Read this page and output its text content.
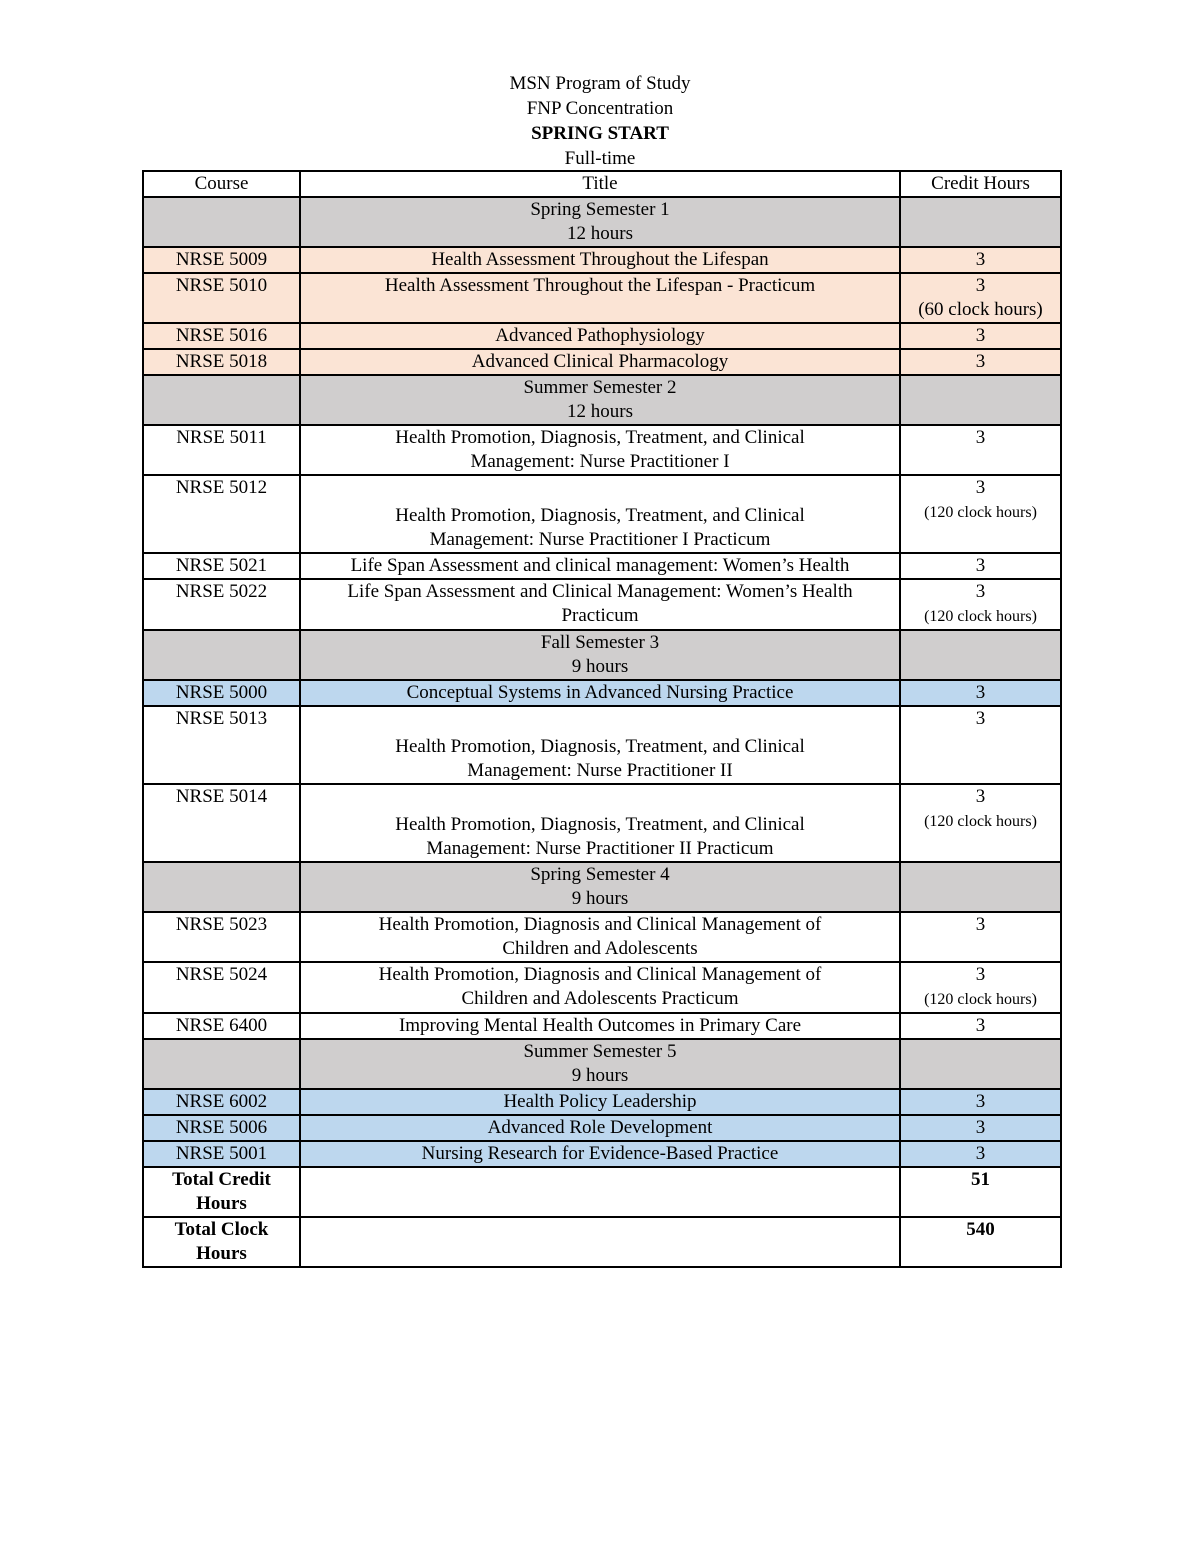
MSN Program of Study
FNP Concentration
SPRING START
Full-time
Course	Title	Credit Hours
	Spring Semester 1
12 hours	
NRSE 5009	Health Assessment Throughout the Lifespan	3
NRSE 5010	Health Assessment Throughout the Lifespan - Practicum	3
(60 clock hours)
NRSE 5016	Advanced Pathophysiology	3
NRSE 5018	Advanced Clinical Pharmacology	3
	Summer Semester 2
12 hours	
NRSE 5011	Health Promotion, Diagnosis, Treatment, and Clinical
Management: Nurse Practitioner I	3
NRSE 5012	Health Promotion, Diagnosis, Treatment, and Clinical
Management: Nurse Practitioner I Practicum	3
(120 clock hours)
NRSE 5021	Life Span Assessment and clinical management: Women’s Health	3
NRSE 5022	Life Span Assessment and Clinical Management: Women’s Health
Practicum	3
(120 clock hours)
	Fall Semester 3
9 hours	
NRSE 5000	Conceptual Systems in Advanced Nursing Practice	3
NRSE 5013	Health Promotion, Diagnosis, Treatment, and Clinical
Management: Nurse Practitioner II	3
NRSE 5014	Health Promotion, Diagnosis, Treatment, and Clinical
Management: Nurse Practitioner II Practicum	3
(120 clock hours)
	Spring Semester 4
9 hours	
NRSE 5023	Health Promotion, Diagnosis and Clinical Management of
Children and Adolescents	3
NRSE 5024	Health Promotion, Diagnosis and Clinical Management of
Children and Adolescents Practicum	3
(120 clock hours)
NRSE 6400	Improving Mental Health Outcomes in Primary Care	3
	Summer Semester 5
9 hours	
NRSE 6002	Health Policy Leadership	3
NRSE 5006	Advanced Role Development	3
NRSE 5001	Nursing Research for Evidence-Based Practice	3
Total Credit
Hours		51
Total Clock
Hours		540
